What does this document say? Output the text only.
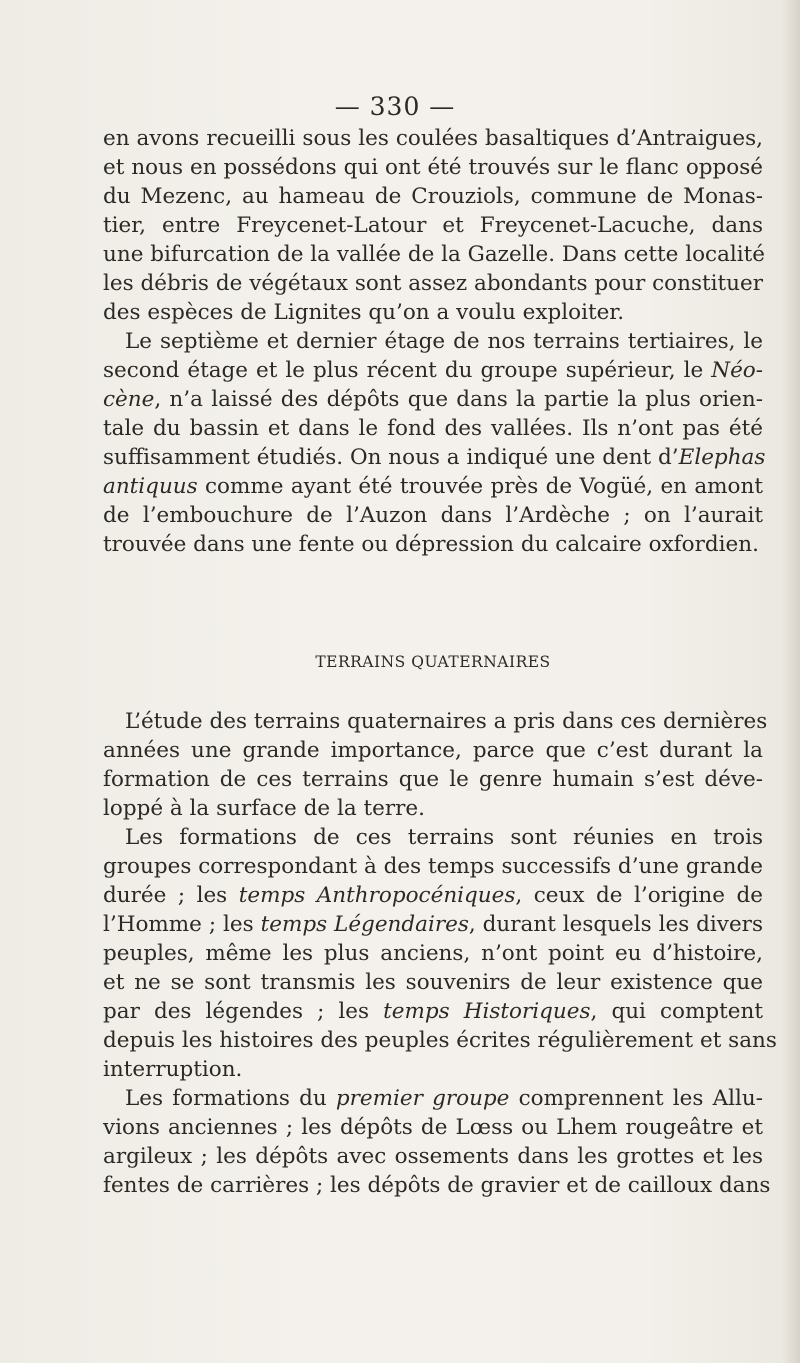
— 330 —
en avons recueilli sous les coulées basaltiques d’Antraigues,
et nous en possédons qui ont été trouvés sur le flanc opposé
du Mezenc, au hameau de Crouziols, commune de Monas-
tier, entre Freycenet-Latour et Freycenet-Lacuche, dans
une bifurcation de la vallée de la Gazelle. Dans cette localité
les débris de végétaux sont assez abondants pour constituer
des espèces de Lignites qu’on a voulu exploiter.
Le septième et dernier étage de nos terrains tertiaires, le
second étage et le plus récent du groupe supérieur, le Néo-
cène, n’a laissé des dépôts que dans la partie la plus orien-
tale du bassin et dans le fond des vallées. Ils n’ont pas été
suffisamment étudiés. On nous a indiqué une dent d’Elephas
antiquus comme ayant été trouvée près de Vogüé, en amont
de l’embouchure de l’Auzon dans l’Ardèche ; on l’aurait
trouvée dans une fente ou dépression du calcaire oxfordien.
TERRAINS QUATERNAIRES
L’étude des terrains quaternaires a pris dans ces dernières
années une grande importance, parce que c’est durant la
formation de ces terrains que le genre humain s’est déve-
loppé à la surface de la terre.
Les formations de ces terrains sont réunies en trois
groupes correspondant à des temps successifs d’une grande
durée ; les temps Anthropocéniques, ceux de l’origine de
l’Homme ; les temps Légendaires, durant lesquels les divers
peuples, même les plus anciens, n’ont point eu d’histoire,
et ne se sont transmis les souvenirs de leur existence que
par des légendes ; les temps Historiques, qui comptent
depuis les histoires des peuples écrites régulièrement et sans
interruption.
Les formations du premier groupe comprennent les Allu-
vions anciennes ; les dépôts de Lœss ou Lhem rougeâtre et
argileux ; les dépôts avec ossements dans les grottes et les
fentes de carrières ; les dépôts de gravier et de cailloux dans
